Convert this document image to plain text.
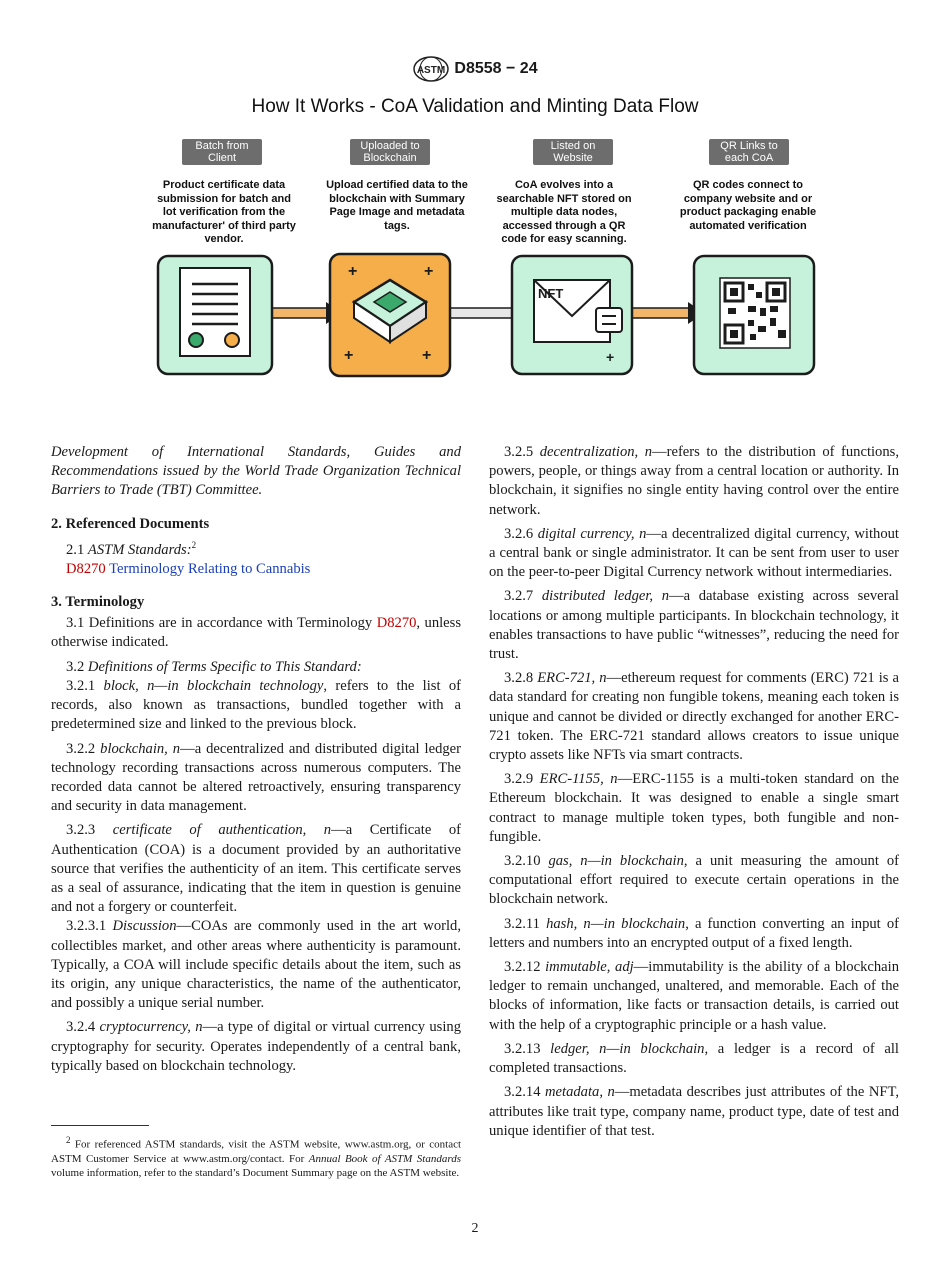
ASTM D8558 − 24
How It Works - CoA Validation and Minting Data Flow
Batch from Client
Uploaded to Blockchain
Listed on Website
QR Links to each CoA
Product certificate data submission for batch and lot verification from the manufacturer' of third party vendor.
Upload certified data to the blockchain with Summary Page Image and metadata tags.
CoA evolves into a searchable NFT stored on multiple data nodes, accessed through a QR code for easy scanning.
QR codes connect to company website and or product packaging enable automated verification
+	+
+	+
NFT
+

Development of International Standards, Guides and Recommendations issued by the World Trade Organization Technical Barriers to Trade (TBT) Committee.

2. Referenced Documents

2.1 ASTM Standards:$^2$

D8270 Terminology Relating to Cannabis

3. Terminology

3.1 Definitions are in accordance with Terminology D8270, unless otherwise indicated.

3.2 Definitions of Terms Specific to This Standard:

3.2.1 block, n—in blockchain technology, refers to the list of records, also known as transactions, bundled together with a predetermined size and linked to the previous block.

3.2.2 blockchain, n—a decentralized and distributed digital ledger technology recording transactions across numerous computers. The recorded data cannot be altered retroactively, ensuring transparency and security in data management.

3.2.3 certificate of authentication, n—a Certificate of Authentication (COA) is a document provided by an authoritative source that verifies the authenticity of an item. This certificate serves as a seal of assurance, indicating that the item in question is genuine and not a forgery or counterfeit.

3.2.3.1 Discussion—COAs are commonly used in the art world, collectibles market, and other areas where authenticity is paramount. Typically, a COA will include specific details about the item, such as its origin, any unique characteristics, the name of the authenticator, and possibly a unique serial number.

3.2.4 cryptocurrency, n—a type of digital or virtual currency using cryptography for security. Operates independently of a central bank, typically based on blockchain technology.

3.2.5 decentralization, n—refers to the distribution of functions, powers, people, or things away from a central location or authority. In blockchain, it signifies no single entity having control over the entire network.

3.2.6 digital currency, n—a decentralized digital currency, without a central bank or single administrator. It can be sent from user to user on the peer-to-peer Digital Currency network without intermediaries.

3.2.7 distributed ledger, n—a database existing across several locations or among multiple participants. In blockchain technology, it enables transactions to have public “witnesses”, reducing the need for trust.

3.2.8 ERC-721, n—ethereum request for comments (ERC) 721 is a data standard for creating non fungible tokens, meaning each token is unique and cannot be divided or directly exchanged for another ERC-721 token. The ERC-721 standard allows creators to issue unique crypto assets like NFTs via smart contracts.

3.2.9 ERC-1155, n—ERC-1155 is a multi-token standard on the Ethereum blockchain. It was designed to enable a single smart contract to manage multiple token types, both fungible and non-fungible.

3.2.10 gas, n—in blockchain, a unit measuring the amount of computational effort required to execute certain operations in the blockchain network.

3.2.11 hash, n—in blockchain, a function converting an input of letters and numbers into an encrypted output of a fixed length.

3.2.12 immutable, adj—immutability is the ability of a blockchain ledger to remain unchanged, unaltered, and memorable. Each of the blocks of information, like facts or transaction details, is carried out with the help of a cryptographic principle or a hash value.

3.2.13 ledger, n—in blockchain, a ledger is a record of all completed transactions.

3.2.14 metadata, n—metadata describes just attributes of the NFT, attributes like trait type, company name, product type, date of test and unique identifier of that test.

$^2$ For referenced ASTM standards, visit the ASTM website, www.astm.org, or contact ASTM Customer Service at www.astm.org/contact. For Annual Book of ASTM Standards volume information, refer to the standard’s Document Summary page on the ASTM website.
2
